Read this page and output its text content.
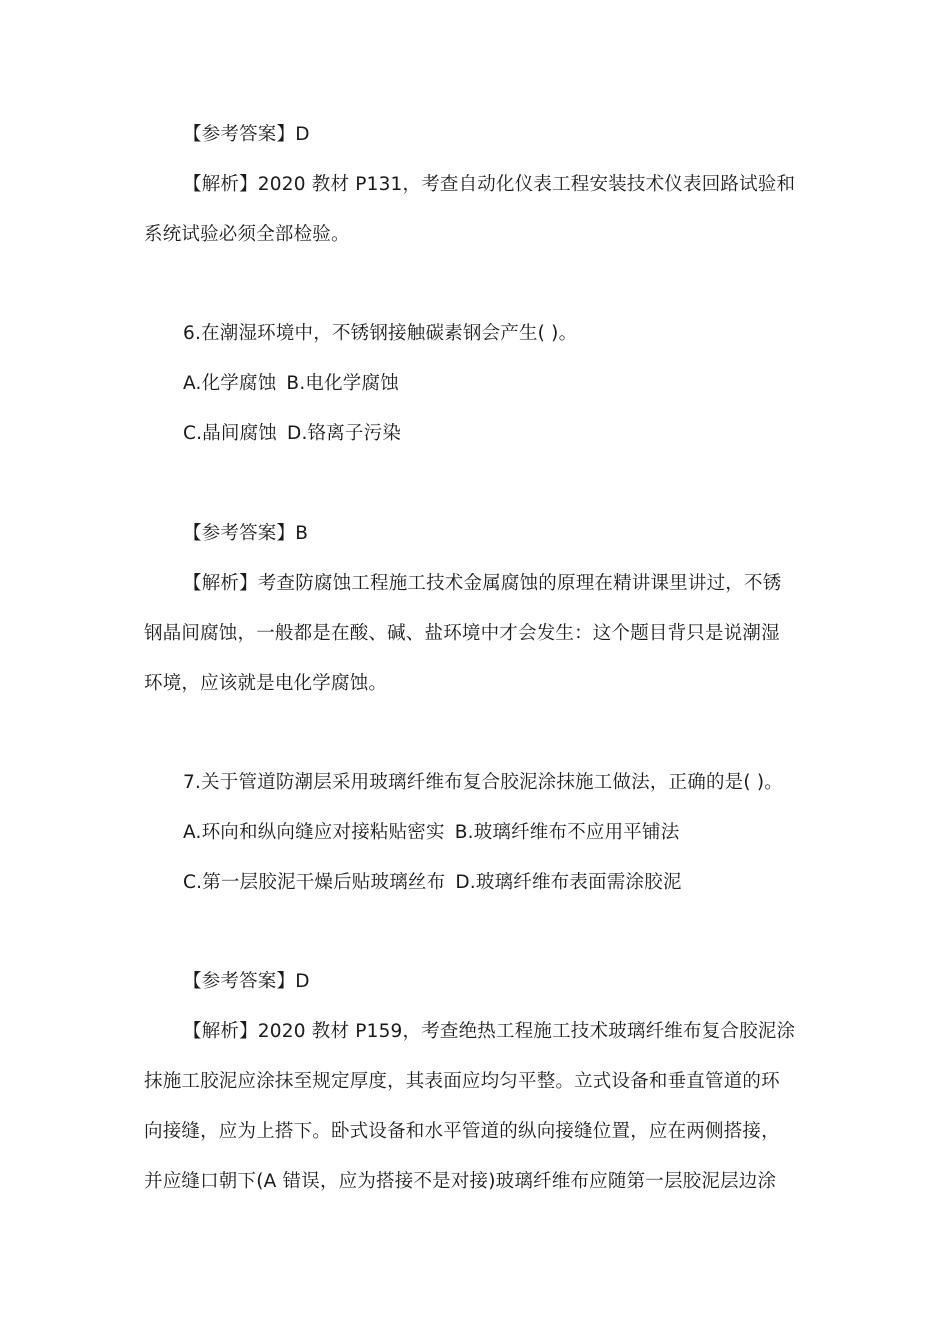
【参考答案】D
【解析】2020 教材 P131，考查自动化仪表工程安装技术仪表回路试验和
系统试验必须全部检验。
6.在潮湿环境中，不锈钢接触碳素钢会产生( )。
A.化学腐蚀 B.电化学腐蚀
C.晶间腐蚀 D.铬离子污染
【参考答案】B
【解析】考查防腐蚀工程施工技术金属腐蚀的原理在精讲课里讲过，不锈
钢晶间腐蚀，一般都是在酸、碱、盐环境中才会发生：这个题目背只是说潮湿
环境，应该就是电化学腐蚀。
7.关于管道防潮层采用玻璃纤维布复合胶泥涂抹施工做法，正确的是( )。
A.环向和纵向缝应对接粘贴密实 B.玻璃纤维布不应用平铺法
C.第一层胶泥干燥后贴玻璃丝布 D.玻璃纤维布表面需涂胶泥
【参考答案】D
【解析】2020 教材 P159，考查绝热工程施工技术玻璃纤维布复合胶泥涂
抹施工胶泥应涂抹至规定厚度，其表面应均匀平整。立式设备和垂直管道的环
向接缝，应为上搭下。卧式设备和水平管道的纵向接缝位置，应在两侧搭接，
并应缝口朝下(A 错误，应为搭接不是对接)玻璃纤维布应随第一层胶泥层边涂
